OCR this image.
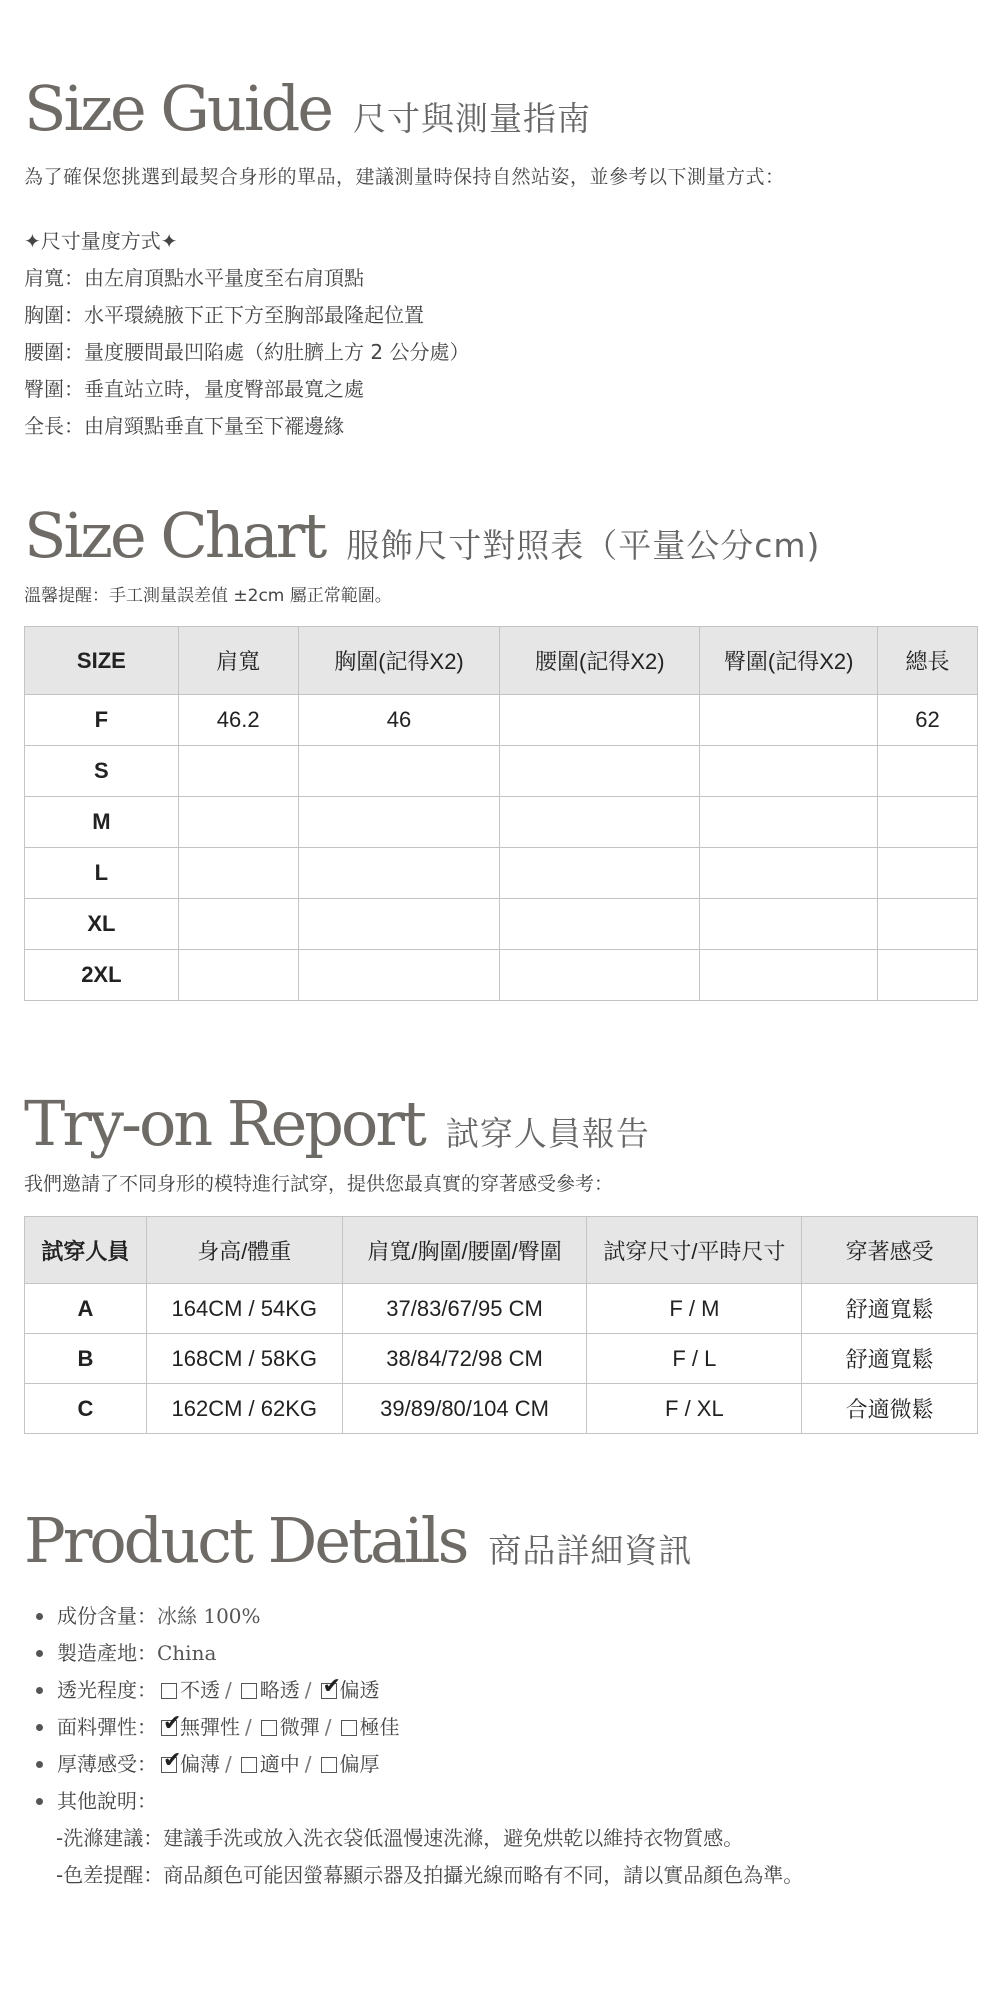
Size Guide 尺寸與測量指南
為了確保您挑選到最契合身形的單品，建議測量時保持自然站姿，並參考以下測量方式：
✦尺寸量度方式✦
肩寬：由左肩頂點水平量度至右肩頂點
胸圍：水平環繞腋下正下方至胸部最隆起位置
腰圍：量度腰間最凹陷處（約肚臍上方 2 公分處）
臀圍：垂直站立時，量度臀部最寬之處
全長：由肩頸點垂直下量至下襬邊緣
Size Chart 服飾尺寸對照表（平量公分cm)
溫馨提醒：手工測量誤差值 ±2cm 屬正常範圍。
SIZE	肩寬	胸圍(記得X2)	腰圍(記得X2)	臀圍(記得X2)	總長
F	46.2	46			62
S					
M					
L					
XL					
2XL					
Try-on Report 試穿人員報告
我們邀請了不同身形的模特進行試穿，提供您最真實的穿著感受參考：
試穿人員	身高/體重	肩寬/胸圍/腰圍/臀圍	試穿尺寸/平時尺寸	穿著感受
A	164CM / 54KG	37/83/67/95 CM	F / M	舒適寬鬆
B	168CM / 58KG	38/84/72/98 CM	F / L	舒適寬鬆
C	162CM / 62KG	39/89/80/104 CM	F / XL	合適微鬆
Product Details 商品詳細資訊
成份含量： 冰絲 100%
製造產地： China
透光程度： 不透 / 略透 / ✔
偏透
面料彈性： ✔
無彈性 / 微彈 / 極佳
厚薄感受： ✔
偏薄 / 適中 / 偏厚
其他說明：
-洗滌建議：建議手洗或放入洗衣袋低溫慢速洗滌，避免烘乾以維持衣物質感。
-色差提醒：商品顏色可能因螢幕顯示器及拍攝光線而略有不同，請以實品顏色為準。
